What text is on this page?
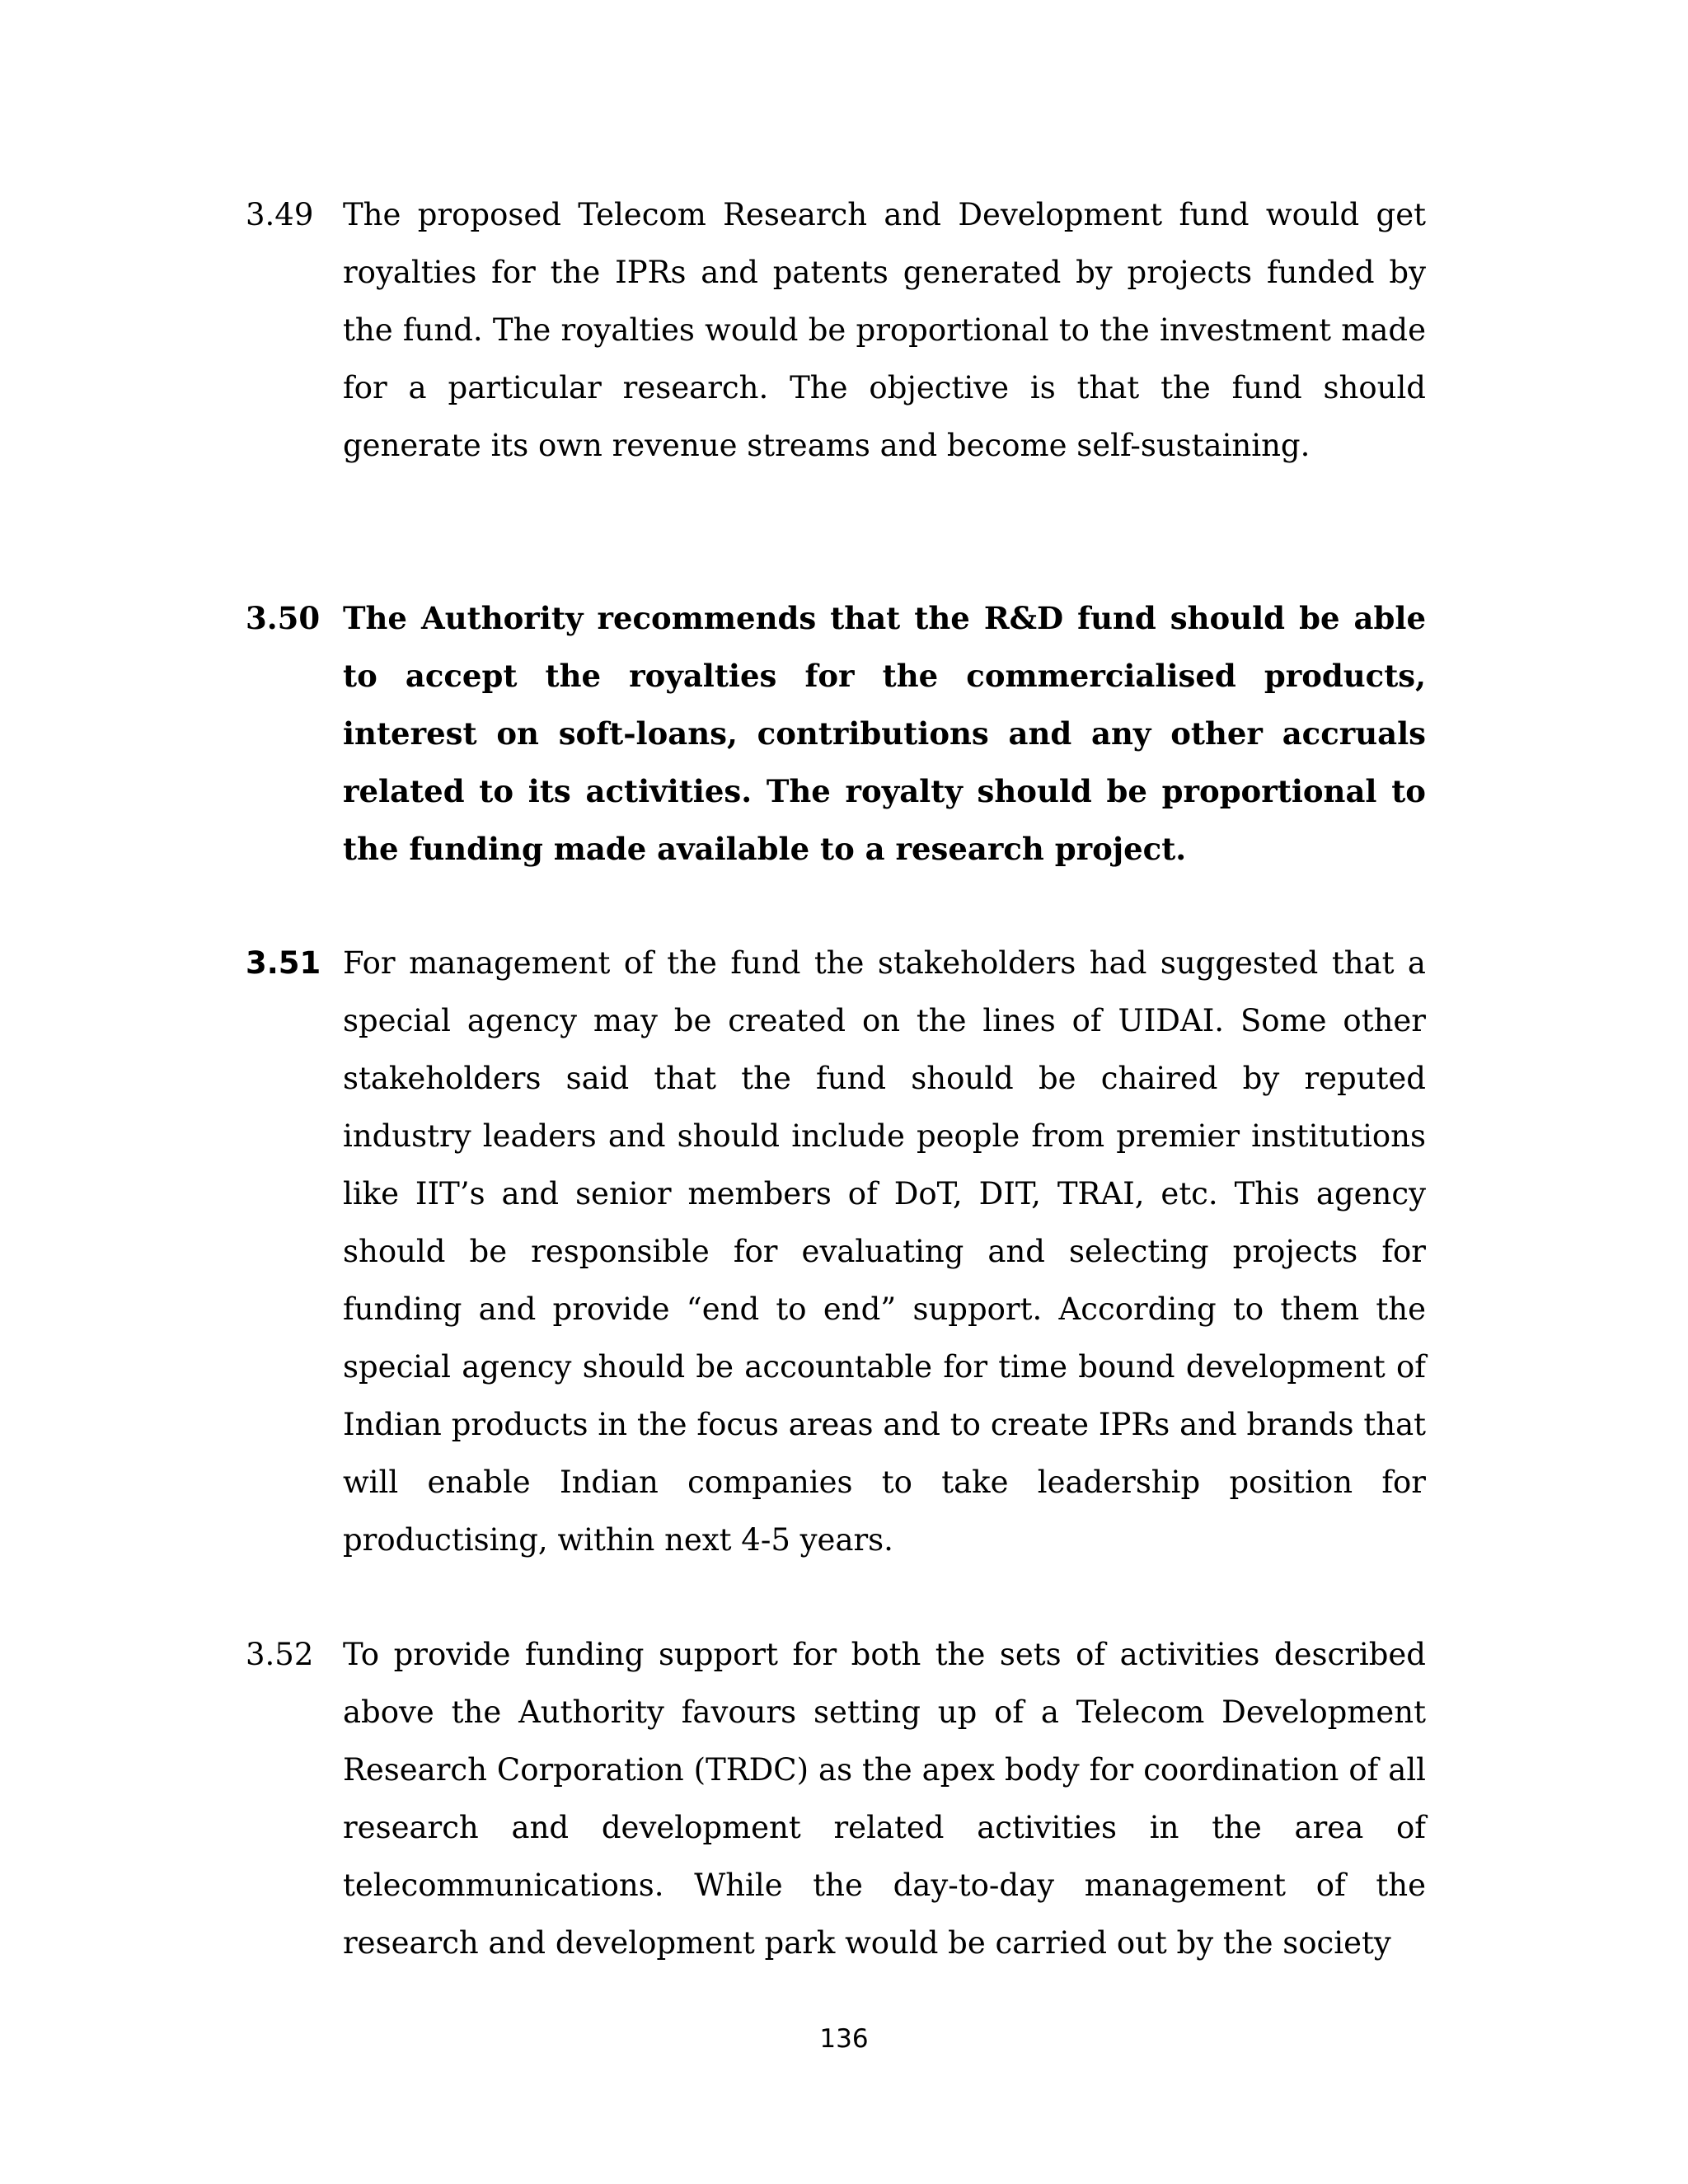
3.49 The proposed Telecom Research and Development fund would get royalties for the IPRs and patents generated by projects funded by the fund. The royalties would be proportional to the investment made for a particular research. The objective is that the fund should generate its own revenue streams and become self-sustaining.

3.50 The Authority recommends that the R&D fund should be able to accept the royalties for the commercialised products, interest on soft-loans, contributions and any other accruals related to its activities. The royalty should be proportional to the funding made available to a research project.

3.51 For management of the fund the stakeholders had suggested that a special agency may be created on the lines of UIDAI. Some other stakeholders said that the fund should be chaired by reputed industry leaders and should include people from premier institutions like IIT’s and senior members of DoT, DIT, TRAI, etc. This agency should be responsible for evaluating and selecting projects for funding and provide “end to end” support. According to them the special agency should be accountable for time bound development of Indian products in the focus areas and to create IPRs and brands that will enable Indian companies to take leadership position for productising, within next 4-5 years.

3.52 To provide funding support for both the sets of activities described above the Authority favours setting up of a Telecom Development Research Corporation (TRDC) as the apex body for coordination of all research and development related activities in the area of telecommunications. While the day-to-day management of the research and development park would be carried out by the society

136
